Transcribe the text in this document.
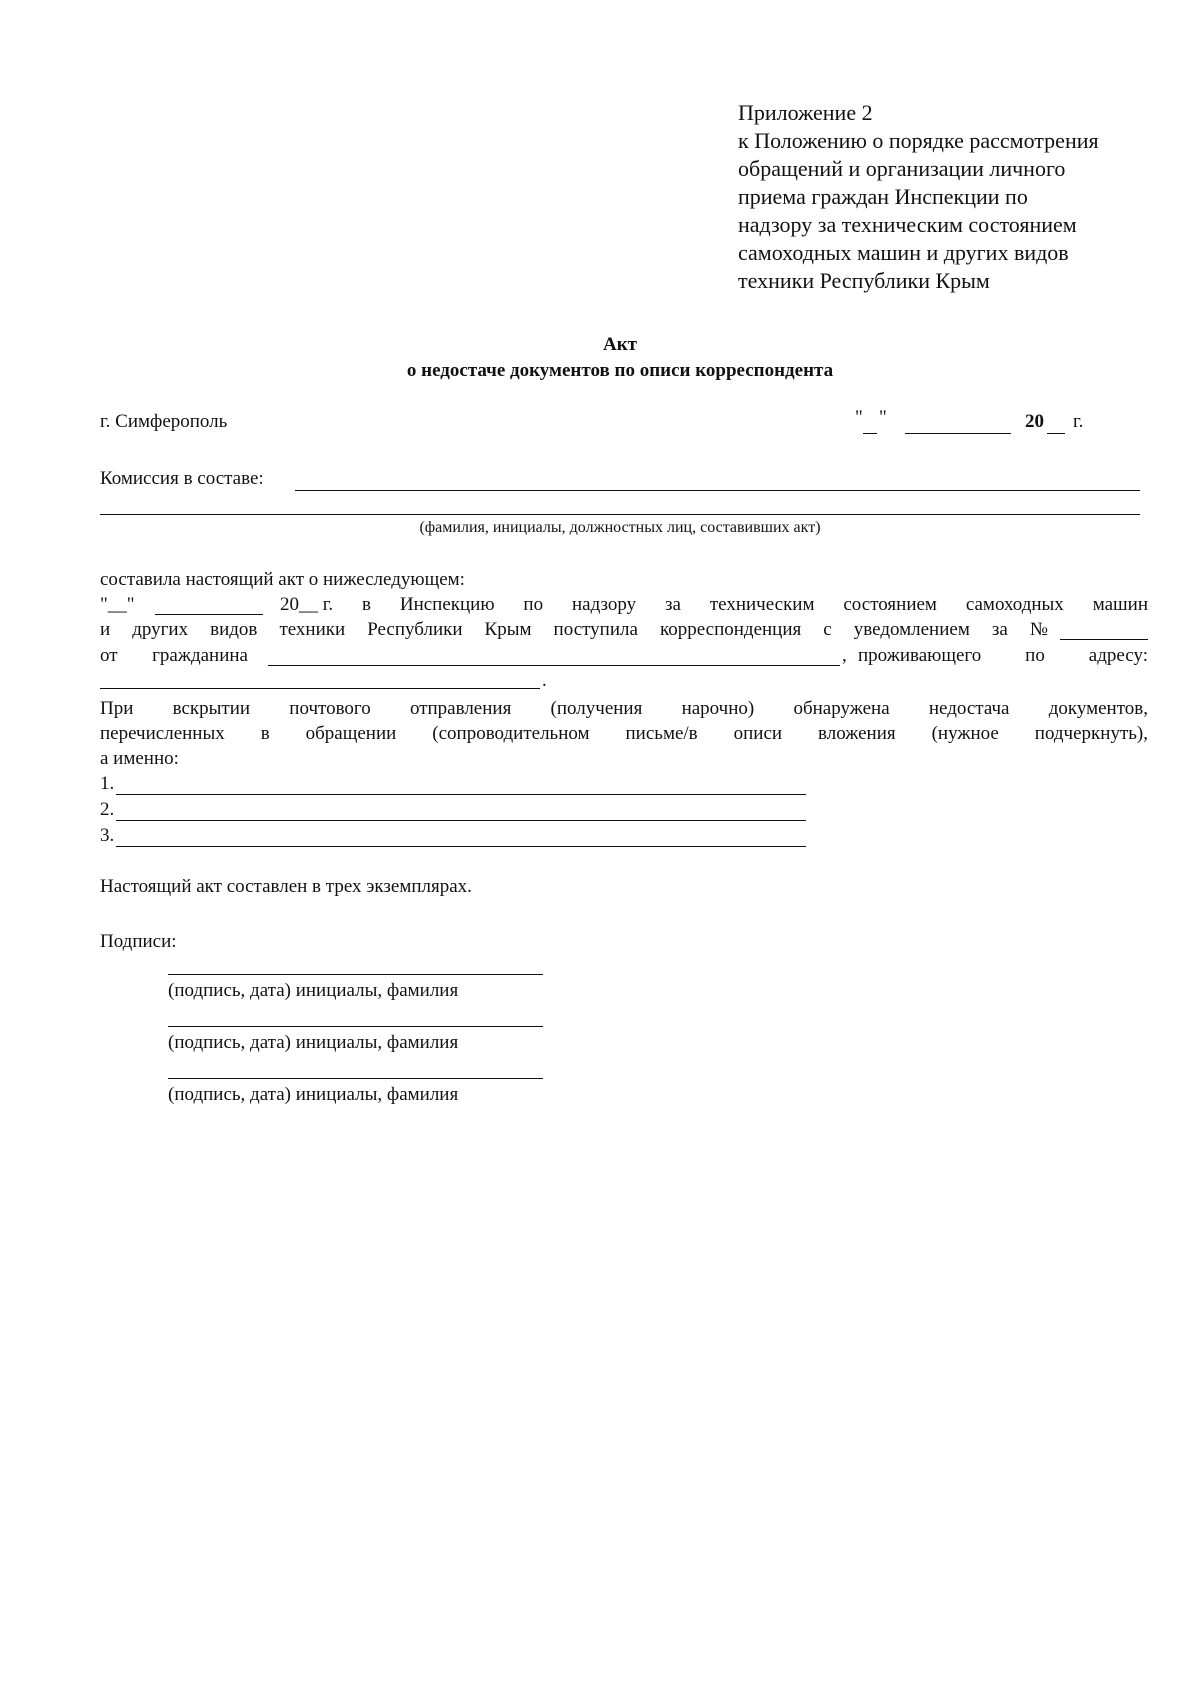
Приложение 2
к Положению о порядке рассмотрения
обращений и организации личного
приема граждан Инспекции по
надзору за техническим состоянием
самоходных машин и других видов
техники Республики Крым
Акт
о недостаче документов по описи корреспондента
г. Симферополь	" "	20 г.
Комиссия в составе:
(фамилия, инициалы, должностных лиц, составивших акт)
составила настоящий акт о нижеследующем:
"__"	20__ г. в Инспекцию по надзору за техническим состоянием самоходных машин
и других видов техники Республики Крым поступила корреспонденция с уведомлением за №
от гражданина	, проживающего по адресу:
.
При вскрытии почтового отправления (получения нарочно) обнаружена недостача документов,
перечисленных в обращении (сопроводительном письме/в описи вложения (нужное подчеркнуть),
а именно:
1.
2.
3.
Настоящий акт составлен в трех экземплярах.
Подписи:
(подпись, дата) инициалы, фамилия
(подпись, дата) инициалы, фамилия
(подпись, дата) инициалы, фамилия
